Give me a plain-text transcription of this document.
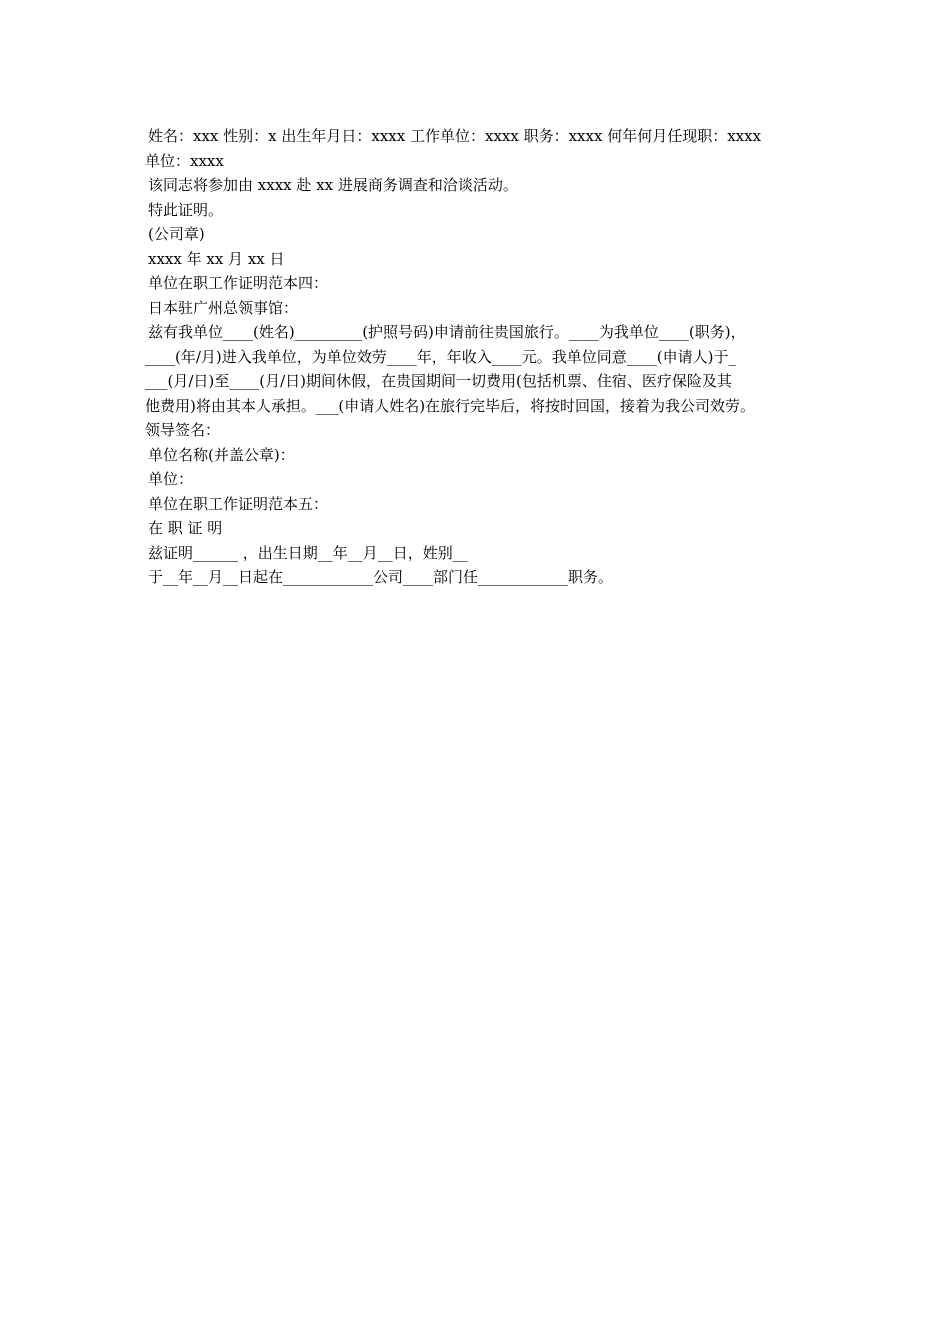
姓名：xxx 性别：x 出生年月日：xxxx 工作单位：xxxx 职务：xxxx 何年何月任现职：xxxx

单位：xxxx

该同志将参加由 xxxx 赴 xx 进展商务调查和洽谈活动。

特此证明。

(公司章)

xxxx 年 xx 月 xx 日

单位在职工作证明范本四：

日本驻广州总领事馆：

兹有我单位____(姓名)_________(护照号码)申请前往贵国旅行。____为我单位____(职务)，

____(年/月)进入我单位，为单位效劳____年，年收入____元。我单位同意____(申请人)于_

___(月/日)至____(月/日)期间休假，在贵国期间一切费用(包括机票、住宿、医疗保险及其

他费用)将由其本人承担。___(申请人姓名)在旅行完毕后，将按时回国，接着为我公司效劳。

领导签名：

单位名称(并盖公章)：

单位：

单位在职工作证明范本五：

在 职 证 明

兹证明______ ，出生日期__年__月__日，姓别__

于__年__月__日起在____________公司____部门任____________职务。
